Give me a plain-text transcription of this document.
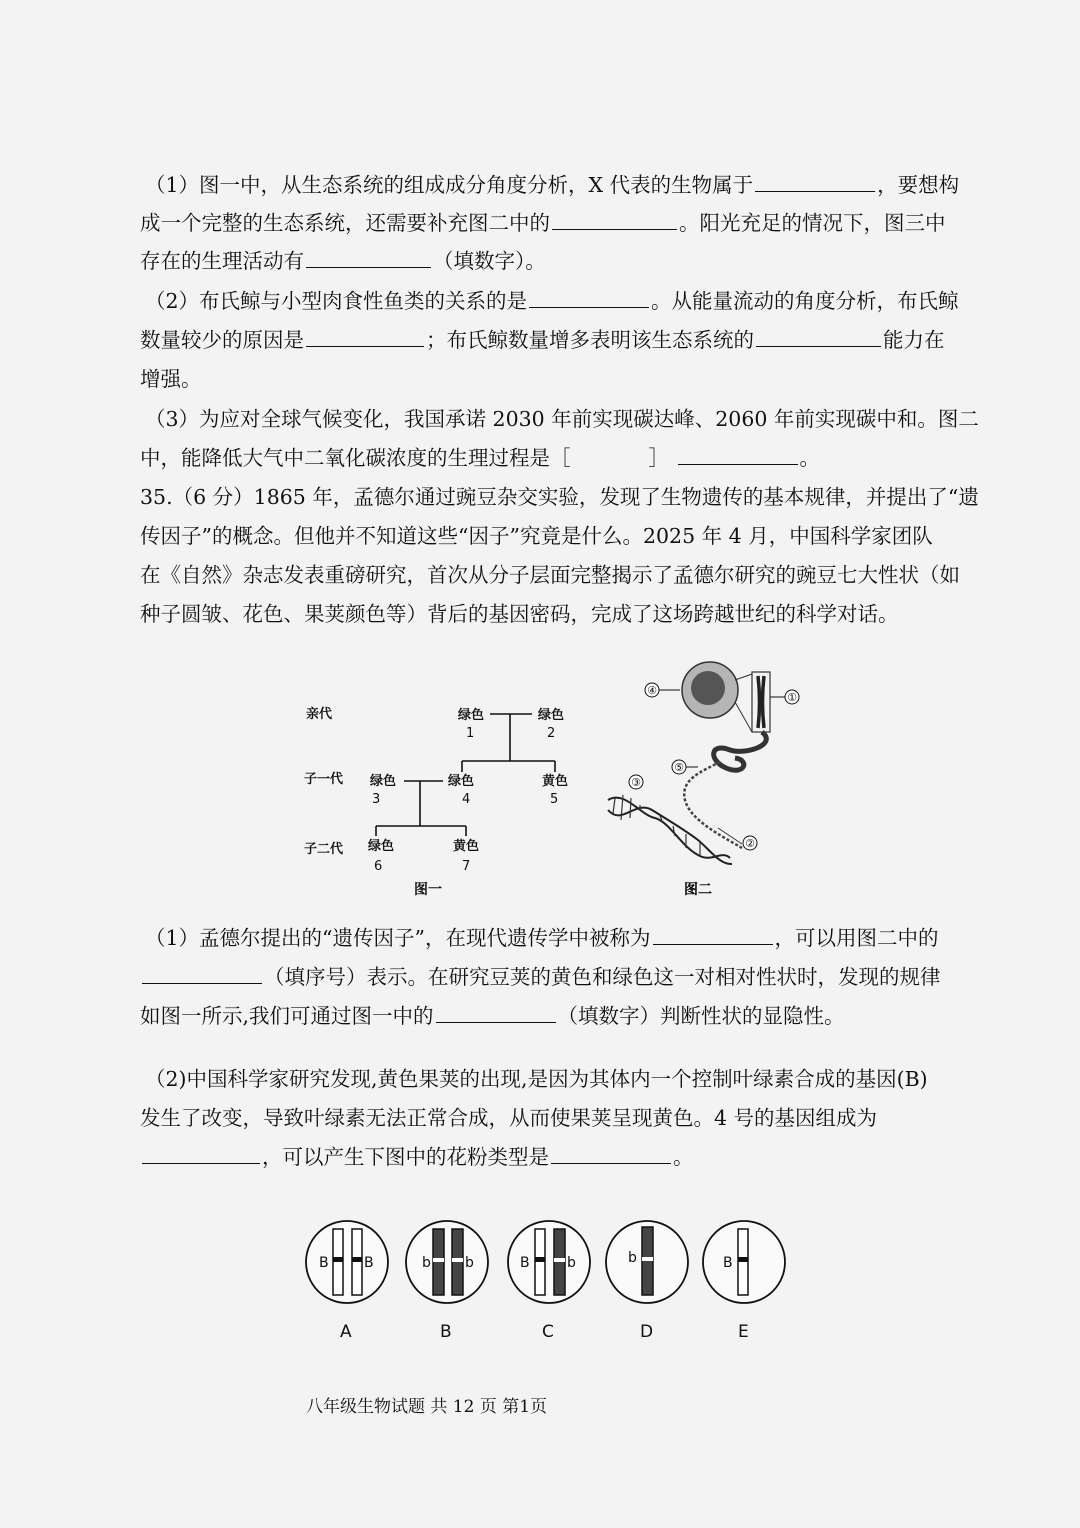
（1）图一中，从生态系统的组成成分角度分析，X 代表的生物属于	，要想构
成一个完整的生态系统，还需要补充图二中的	。阳光充足的情况下，图三中
存在的生理活动有	（填数字）。
（2）布氏鲸与小型肉食性鱼类的关系的是	。从能量流动的角度分析，布氏鲸
数量较少的原因是	；布氏鲸数量增多表明该生态系统的	能力在
增强。
（3）为应对全球气候变化，我国承诺 2030 年前实现碳达峰、2060 年前实现碳中和。图二
中，能降低大气中二氧化碳浓度的生理过程是［	］	。
35.（6 分）1865 年，孟德尔通过豌豆杂交实验，发现了生物遗传的基本规律，并提出了“遗
传因子”的概念。但他并不知道这些“因子”究竟是什么。2025 年 4 月，中国科学家团队
在《自然》杂志发表重磅研究，首次从分子层面完整揭示了孟德尔研究的豌豆七大性状（如
种子圆皱、花色、果荚颜色等）背后的基因密码，完成了这场跨越世纪的科学对话。
亲代
子一代
子二代
绿色
1
绿色
2
绿色
3
绿色
4
黄色
5
绿色
6
黄色
7
图一
④
①
⑤
③
②
图二
（1）孟德尔提出的“遗传因子”，在现代遗传学中被称为	，可以用图二中的
（填序号）表示。在研究豆荚的黄色和绿色这一对相对性状时，发现的规律
如图一所示,我们可通过图一中的	（填数字）判断性状的显隐性。
（2)中国科学家研究发现,黄色果荚的出现,是因为其体内一个控制叶绿素合成的基因(B)
发生了改变，导致叶绿素无法正常合成，从而使果荚呈现黄色。4 号的基因组成为
，可以产生下图中的花粉类型是	。
B	B
A
b b
B
B	b
C
b
D
B
E
八年级生物试题 共 12 页 第1页
